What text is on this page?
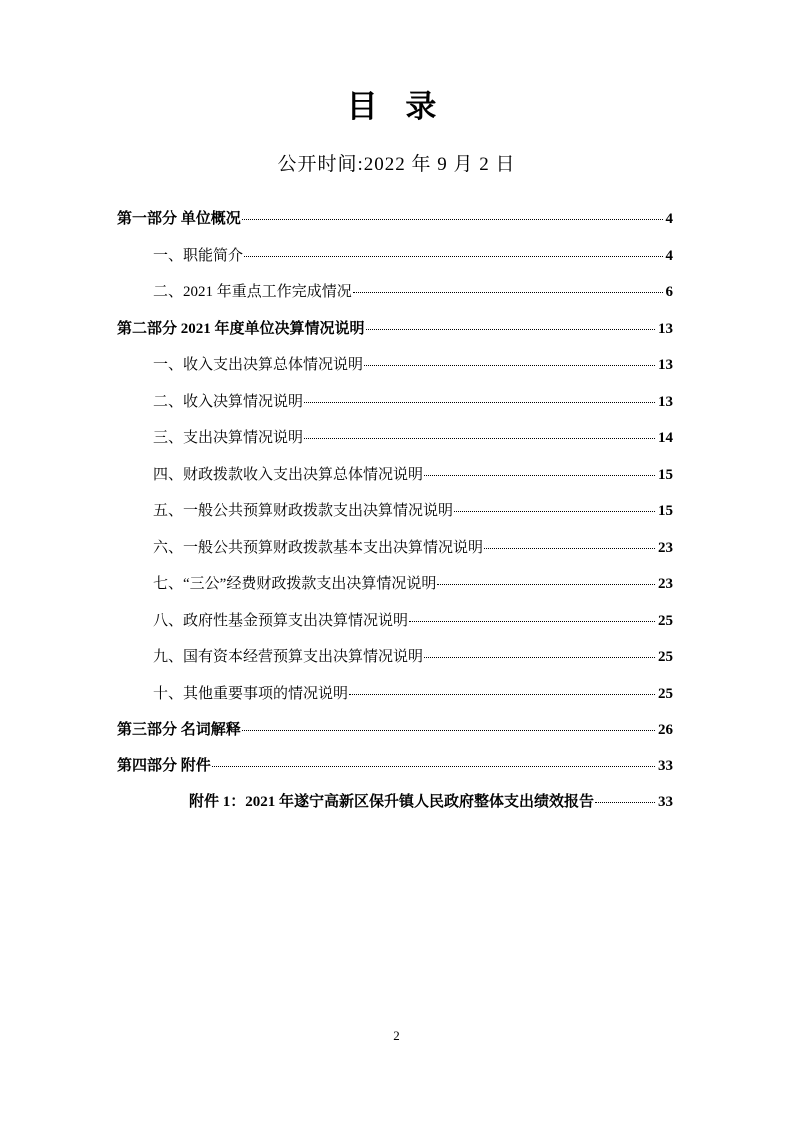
目 录
公开时间:2022 年 9 月 2 日
第一部分 单位概况	4
一、职能简介	4
二、2021 年重点工作完成情况	6
第二部分 2021 年度单位决算情况说明	13
一、收入支出决算总体情况说明	13
二、收入决算情况说明	13
三、支出决算情况说明	14
四、财政拨款收入支出决算总体情况说明	15
五、一般公共预算财政拨款支出决算情况说明	15
六、一般公共预算财政拨款基本支出决算情况说明	23
七、“三公”经费财政拨款支出决算情况说明	23
八、政府性基金预算支出决算情况说明	25
九、国有资本经营预算支出决算情况说明	25
十、其他重要事项的情况说明	25
第三部分 名词解释	26
第四部分 附件	33
附件 1：2021 年遂宁高新区保升镇人民政府整体支出绩效报告	33
2
